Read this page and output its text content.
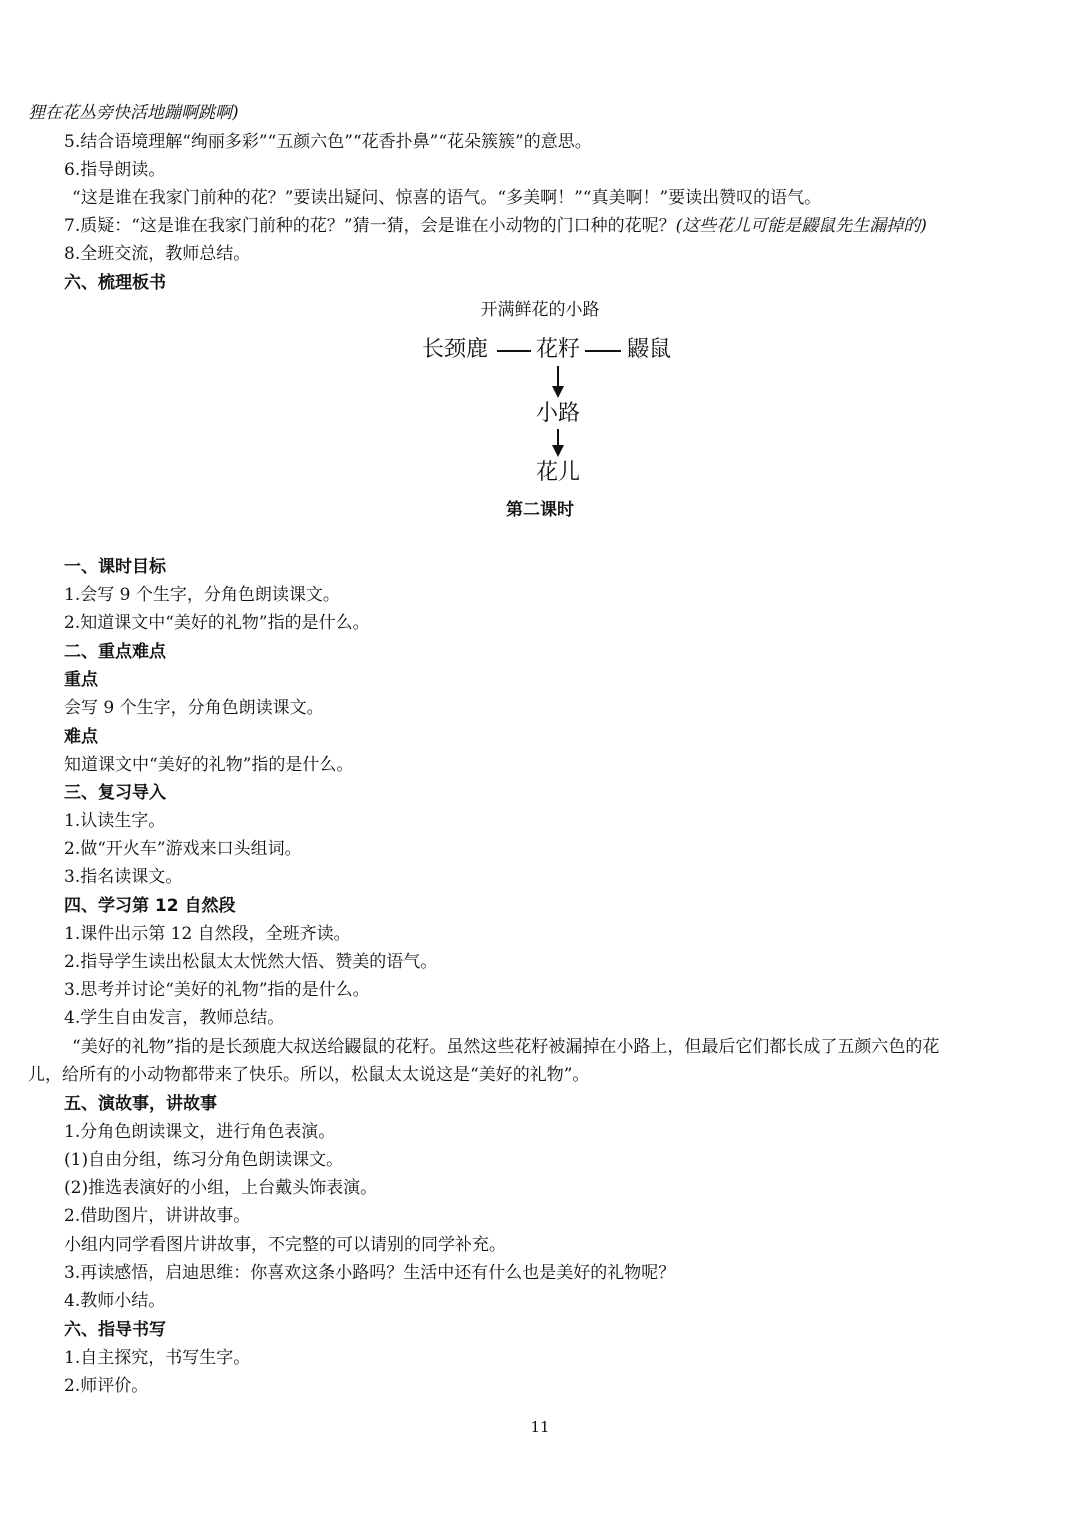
狸在花丛旁快活地蹦啊跳啊)
5.结合语境理解“绚丽多彩”“五颜六色”“花香扑鼻”“花朵簇簇”的意思。
6.指导朗读。
“这是谁在我家门前种的花？”要读出疑问、惊喜的语气。“多美啊！”“真美啊！”要读出赞叹的语气。
7.质疑：“这是谁在我家门前种的花？”猜一猜，会是谁在小动物的门口种的花呢？(这些花儿可能是鼹鼠先生漏掉的)
8.全班交流，教师总结。
六、梳理板书
开满鲜花的小路
长颈鹿 花籽 鼹鼠
小路
花儿
第二课时
一、课时目标
1.会写 9 个生字，分角色朗读课文。
2.知道课文中“美好的礼物”指的是什么。
二、重点难点
重点
会写 9 个生字，分角色朗读课文。
难点
知道课文中“美好的礼物”指的是什么。
三、复习导入
1.认读生字。
2.做“开火车”游戏来口头组词。
3.指名读课文。
四、学习第 12 自然段
1.课件出示第 12 自然段，全班齐读。
2.指导学生读出松鼠太太恍然大悟、赞美的语气。
3.思考并讨论“美好的礼物”指的是什么。
4.学生自由发言，教师总结。
“美好的礼物”指的是长颈鹿大叔送给鼹鼠的花籽。虽然这些花籽被漏掉在小路上，但最后它们都长成了五颜六色的花
儿，给所有的小动物都带来了快乐。所以，松鼠太太说这是“美好的礼物”。
五、演故事，讲故事
1.分角色朗读课文，进行角色表演。
(1)自由分组，练习分角色朗读课文。
(2)推选表演好的小组，上台戴头饰表演。
2.借助图片，讲讲故事。
小组内同学看图片讲故事，不完整的可以请别的同学补充。
3.再读感悟，启迪思维：你喜欢这条小路吗？生活中还有什么也是美好的礼物呢？
4.教师小结。
六、指导书写
1.自主探究，书写生字。
2.师评价。
11
